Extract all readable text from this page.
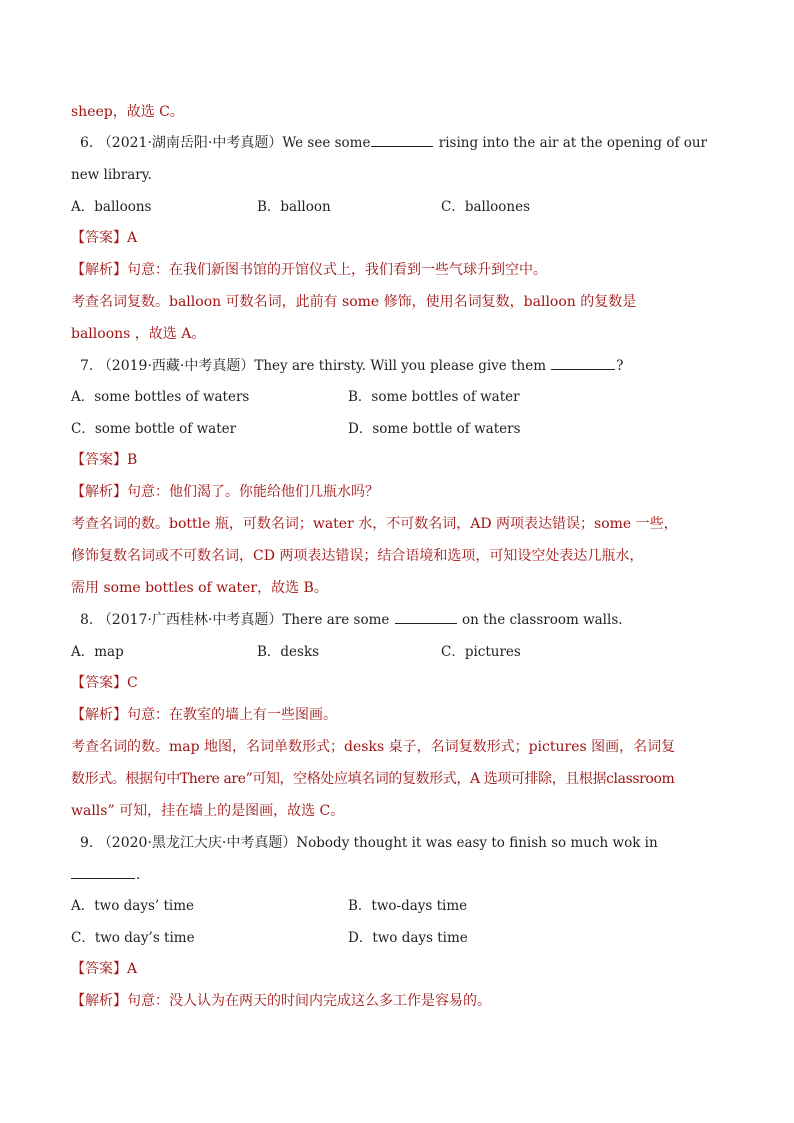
sheep，故选 C。
6. （2021·湖南岳阳·中考真题）We see some	rising into the air at the opening of our
new library.
A．balloons	B．balloon	C．balloones
【答案】A
【解析】句意：在我们新图书馆的开馆仪式上，我们看到一些气球升到空中。
考查名词复数。balloon 可数名词，此前有 some 修饰，使用名词复数，balloon 的复数是
balloons ，故选 A。
7. （2019·西藏·中考真题）They are thirsty. Will you please give them	?
A．some bottles of waters	B．some bottles of water
C．some bottle of water	D．some bottle of waters
【答案】B
【解析】句意：他们渴了。你能给他们几瓶水吗？
考查名词的数。bottle 瓶，可数名词；water 水，不可数名词，AD 两项表达错误；some 一些，
修饰复数名词或不可数名词，CD 两项表达错误；结合语境和选项，可知设空处表达几瓶水，
需用 some bottles of water，故选 B。
8. （2017·广西桂林·中考真题）There are some	on the classroom walls.
A．map	B．desks	C．pictures
【答案】C
【解析】句意：在教室的墙上有一些图画。
考查名词的数。map 地图，名词单数形式；desks 桌子，名词复数形式；pictures 图画，名词复
数形式。根据句中There are”可知，空格处应填名词的复数形式，A 选项可排除，且根据classroom
walls” 可知，挂在墙上的是图画，故选 C。
9. （2020·黑龙江大庆·中考真题）Nobody thought it was easy to finish so much wok in
.
A．two days’ time	B．two-days time
C．two day’s time	D．two days time
【答案】A
【解析】句意：没人认为在两天的时间内完成这么多工作是容易的。
